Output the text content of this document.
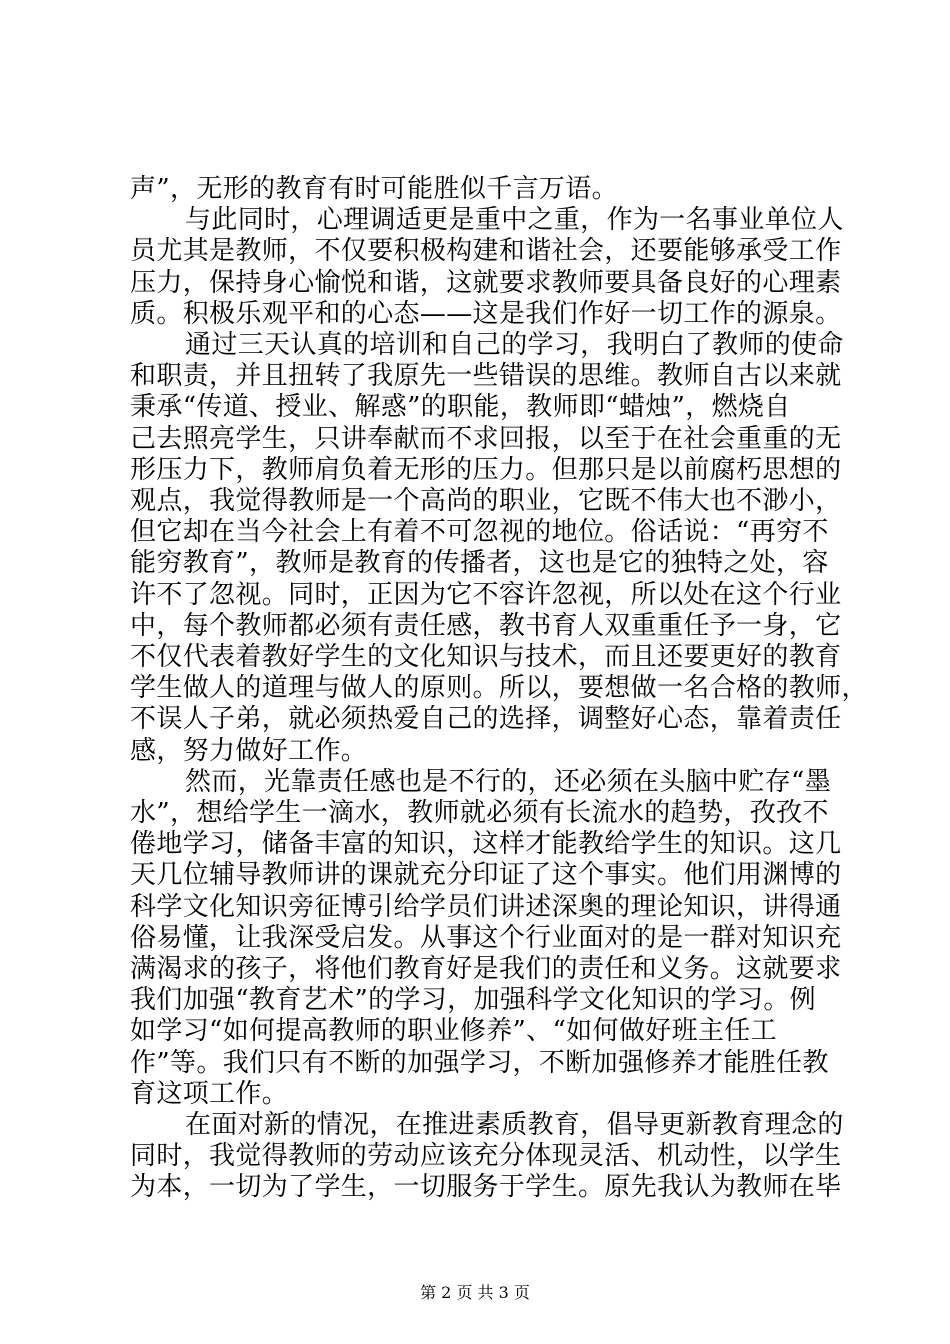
声”，无形的教育有时可能胜似千言万语。
与此同时，心理调适更是重中之重，作为一名事业单位人
员尤其是教师，不仅要积极构建和谐社会，还要能够承受工作
压力，保持身心愉悦和谐，这就要求教师要具备良好的心理素
质。积极乐观平和的心态——这是我们作好一切工作的源泉。
通过三天认真的培训和自己的学习，我明白了教师的使命
和职责，并且扭转了我原先一些错误的思维。教师自古以来就
秉承“传道、授业、解惑”的职能，教师即“蜡烛”，燃烧自
己去照亮学生，只讲奉献而不求回报，以至于在社会重重的无
形压力下，教师肩负着无形的压力。但那只是以前腐朽思想的
观点，我觉得教师是一个高尚的职业，它既不伟大也不渺小，
但它却在当今社会上有着不可忽视的地位。俗话说：“再穷不
能穷教育”，教师是教育的传播者，这也是它的独特之处，容
许不了忽视。同时，正因为它不容许忽视，所以处在这个行业
中，每个教师都必须有责任感，教书育人双重重任予一身，它
不仅代表着教好学生的文化知识与技术，而且还要更好的教育
学生做人的道理与做人的原则。所以，要想做一名合格的教师，
不误人子弟，就必须热爱自己的选择，调整好心态，靠着责任
感，努力做好工作。
然而，光靠责任感也是不行的，还必须在头脑中贮存“墨
水”，想给学生一滴水，教师就必须有长流水的趋势，孜孜不
倦地学习，储备丰富的知识，这样才能教给学生的知识。这几
天几位辅导教师讲的课就充分印证了这个事实。他们用渊博的
科学文化知识旁征博引给学员们讲述深奥的理论知识，讲得通
俗易懂，让我深受启发。从事这个行业面对的是一群对知识充
满渴求的孩子，将他们教育好是我们的责任和义务。这就要求
我们加强“教育艺术”的学习，加强科学文化知识的学习。例
如学习“如何提高教师的职业修养”、“如何做好班主任工
作”等。我们只有不断的加强学习，不断加强修养才能胜任教
育这项工作。
在面对新的情况，在推进素质教育，倡导更新教育理念的
同时，我觉得教师的劳动应该充分体现灵活、机动性，以学生
为本，一切为了学生，一切服务于学生。原先我认为教师在毕
第 2 页 共 3 页
